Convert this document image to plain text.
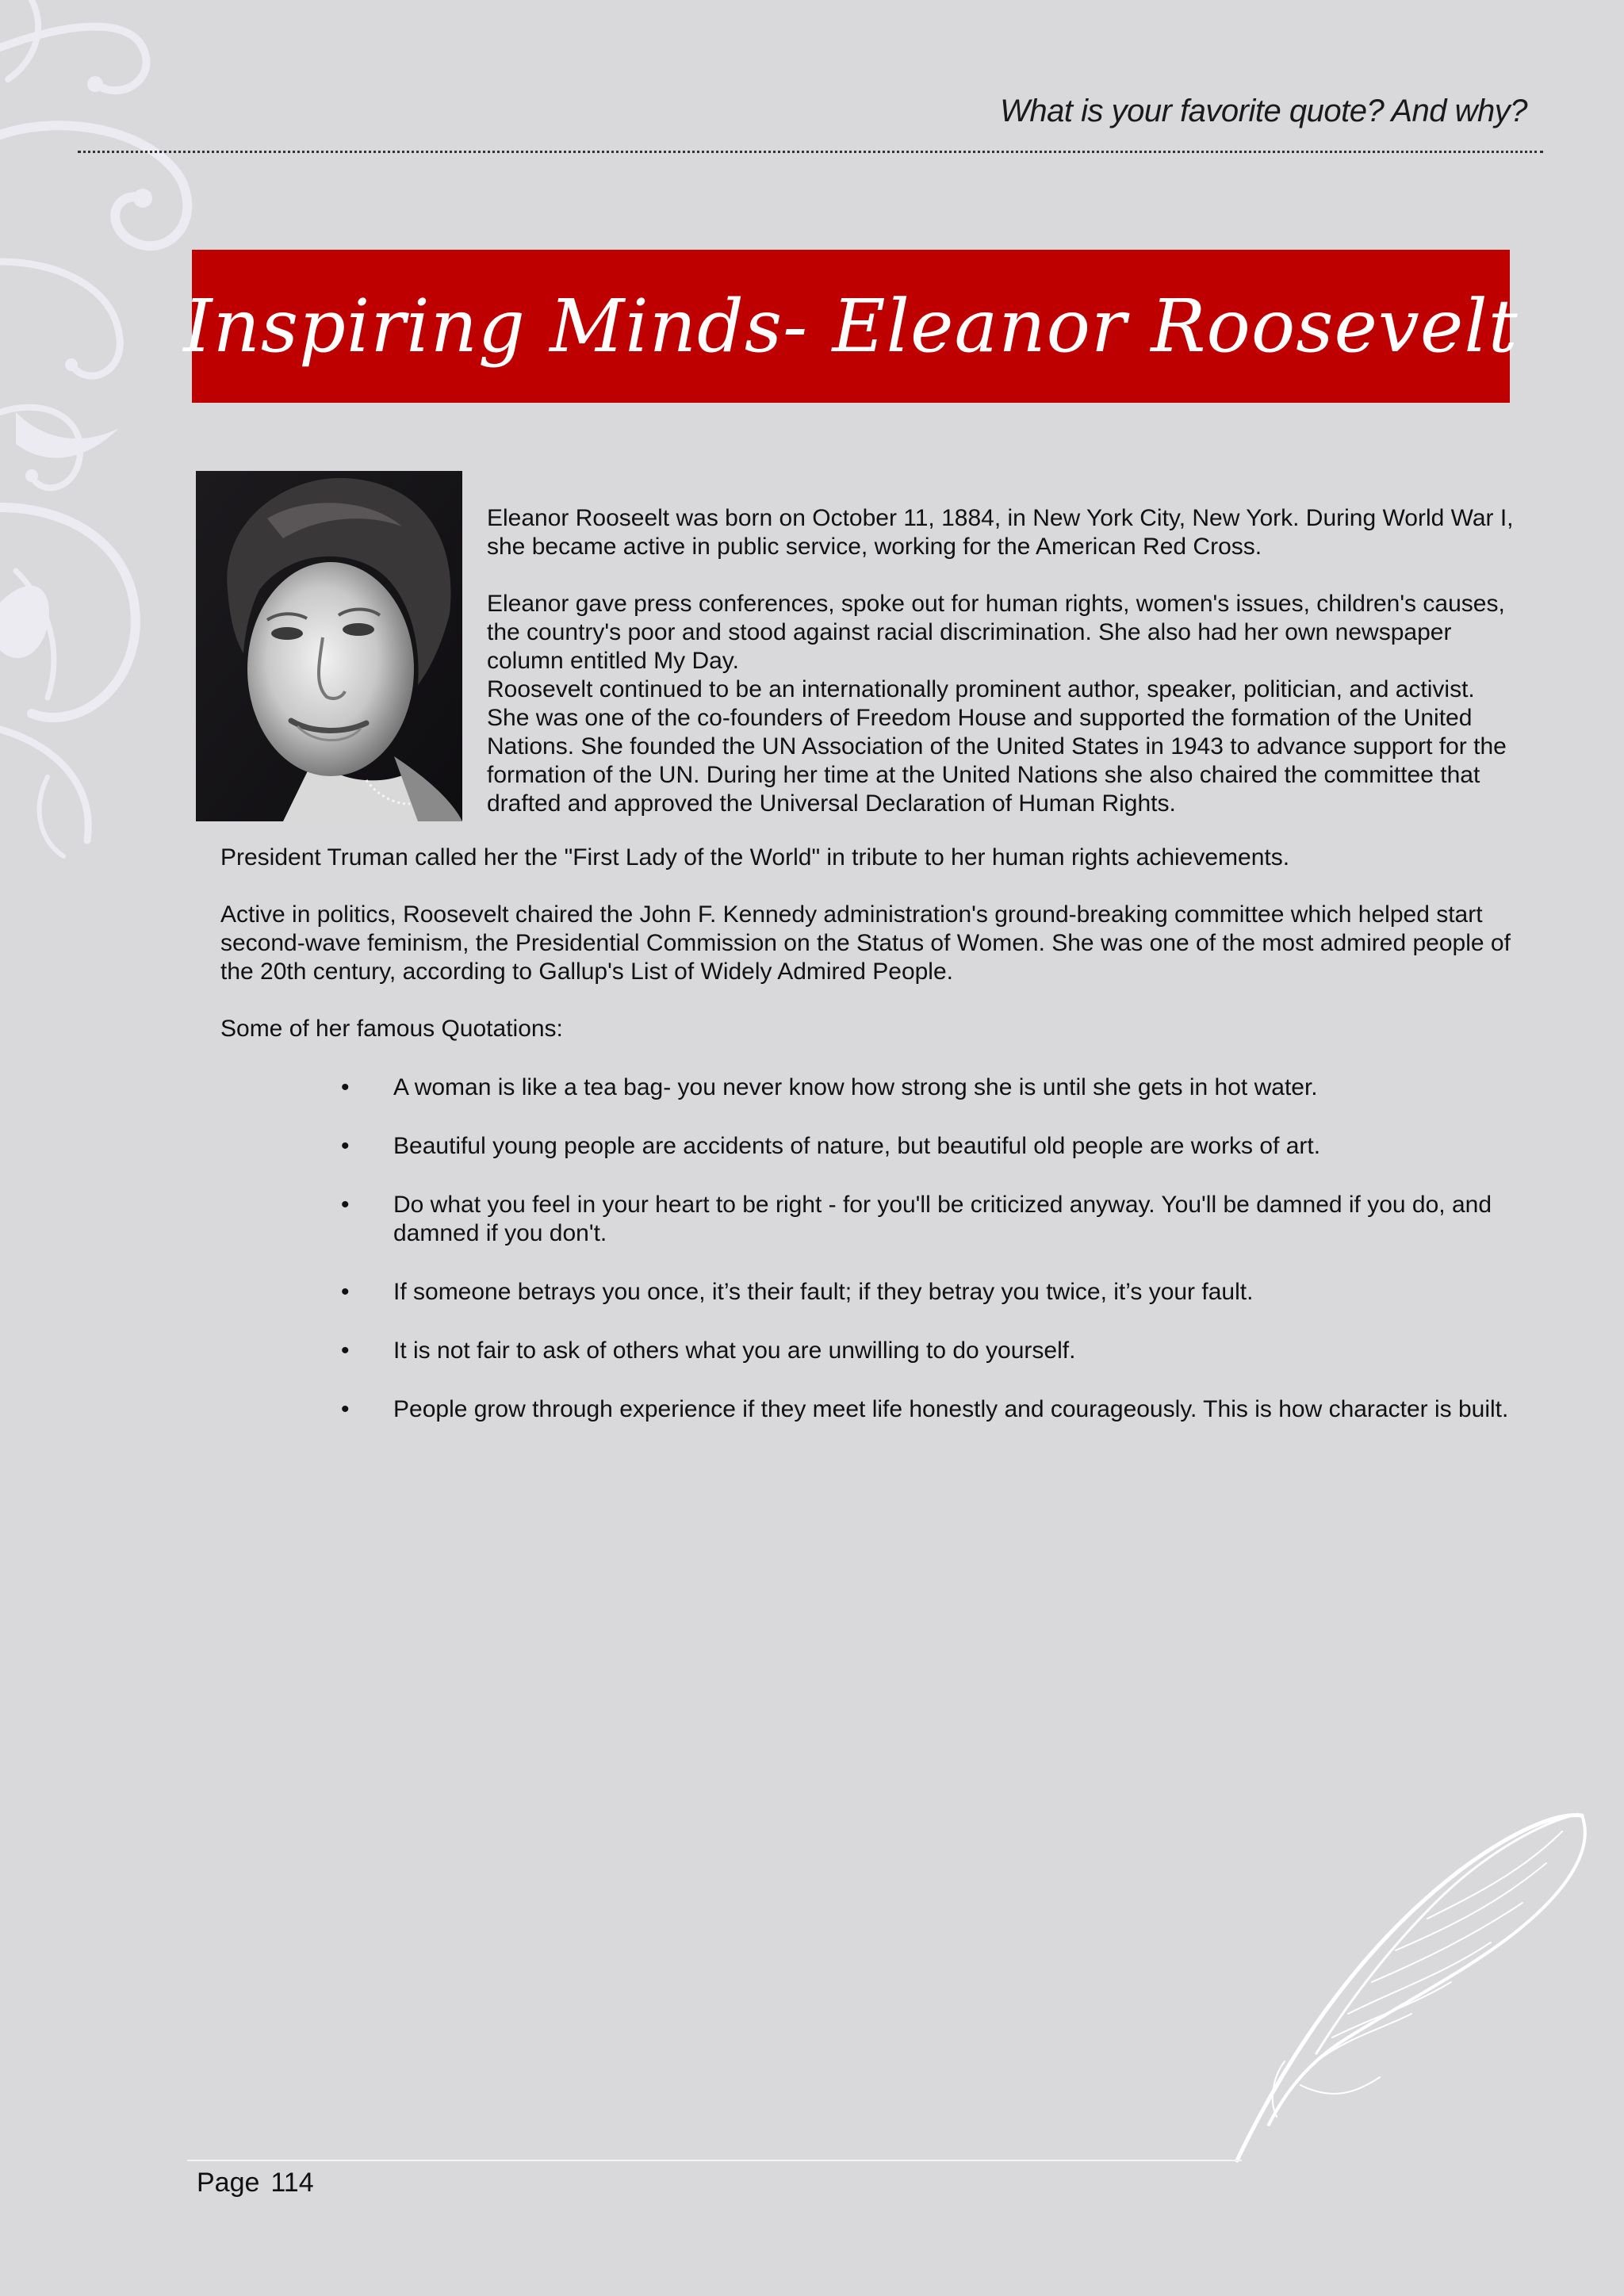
What is your favorite quote? And why?
Inspiring Minds- Eleanor Roosevelt

Eleanor Rooseelt was born on October 11, 1884, in New York City, New York. During World War I, she became active in public service, working for the American Red Cross.

Eleanor gave press conferences, spoke out for human rights, women's issues, children's causes, the country's poor and stood against racial discrimination. She also had her own newspaper column entitled My Day.

Roosevelt continued to be an internationally prominent author, speaker, politician, and activist. She was one of the co-founders of Freedom House and supported the formation of the United Nations. She founded the UN Association of the United States in 1943 to advance support for the formation of the UN. During her time at the United Nations she also chaired the committee that drafted and approved the Universal Declaration of Human Rights.

President Truman called her the "First Lady of the World" in tribute to her human rights achievements.

Active in politics, Roosevelt chaired the John F. Kennedy administration's ground-breaking committee which helped start second-wave feminism, the Presidential Commission on the Status of Women. She was one of the most admired people of the 20th century, according to Gallup's List of Widely Admired People.

Some of her famous Quotations:

• A woman is like a tea bag- you never know how strong she is until she gets in hot water.
• Beautiful young people are accidents of nature, but beautiful old people are works of art.
• Do what you feel in your heart to be right - for you'll be criticized anyway. You'll be damned if you do, and damned if you don't.
• If someone betrays you once, it’s their fault; if they betray you twice, it’s your fault.
• It is not fair to ask of others what you are unwilling to do yourself.
• People grow through experience if they meet life honestly and courageously. This is how character is built.
Page 114
